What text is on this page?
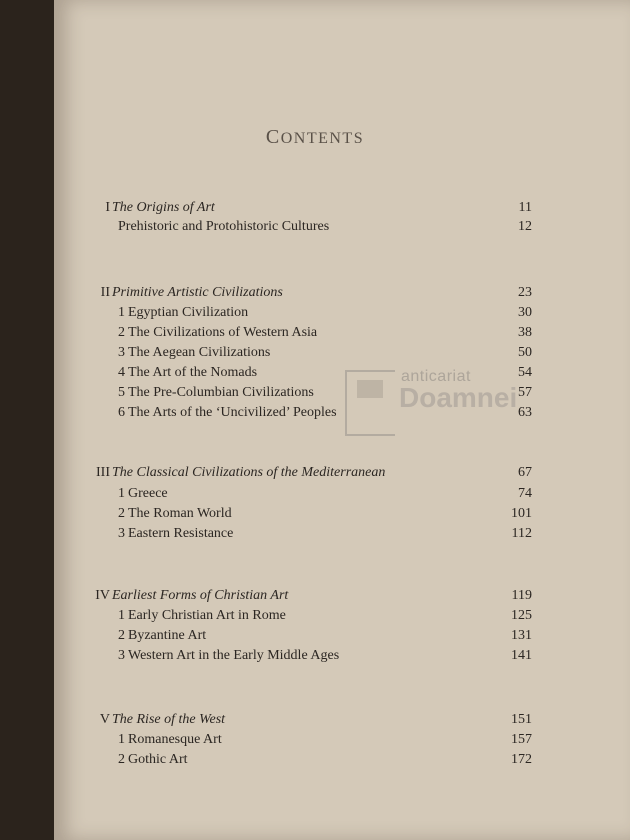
CONTENTS
I The Origins of Art	11
Prehistoric and Protohistoric Cultures	12
II Primitive Artistic Civilizations	23
1 Egyptian Civilization	30
2 The Civilizations of Western Asia	38
3 The Aegean Civilizations	50
4 The Art of the Nomads	54
5 The Pre-Columbian Civilizations	57
6 The Arts of the ‘Uncivilized’ Peoples	63
III The Classical Civilizations of the Mediterranean	67
1 Greece	74
2 The Roman World	101
3 Eastern Resistance	112
IV Earliest Forms of Christian Art	119
1 Early Christian Art in Rome	125
2 Byzantine Art	131
3 Western Art in the Early Middle Ages	141
V The Rise of the West	151
1 Romanesque Art	157
2 Gothic Art	172
anticariat
Doamnei
